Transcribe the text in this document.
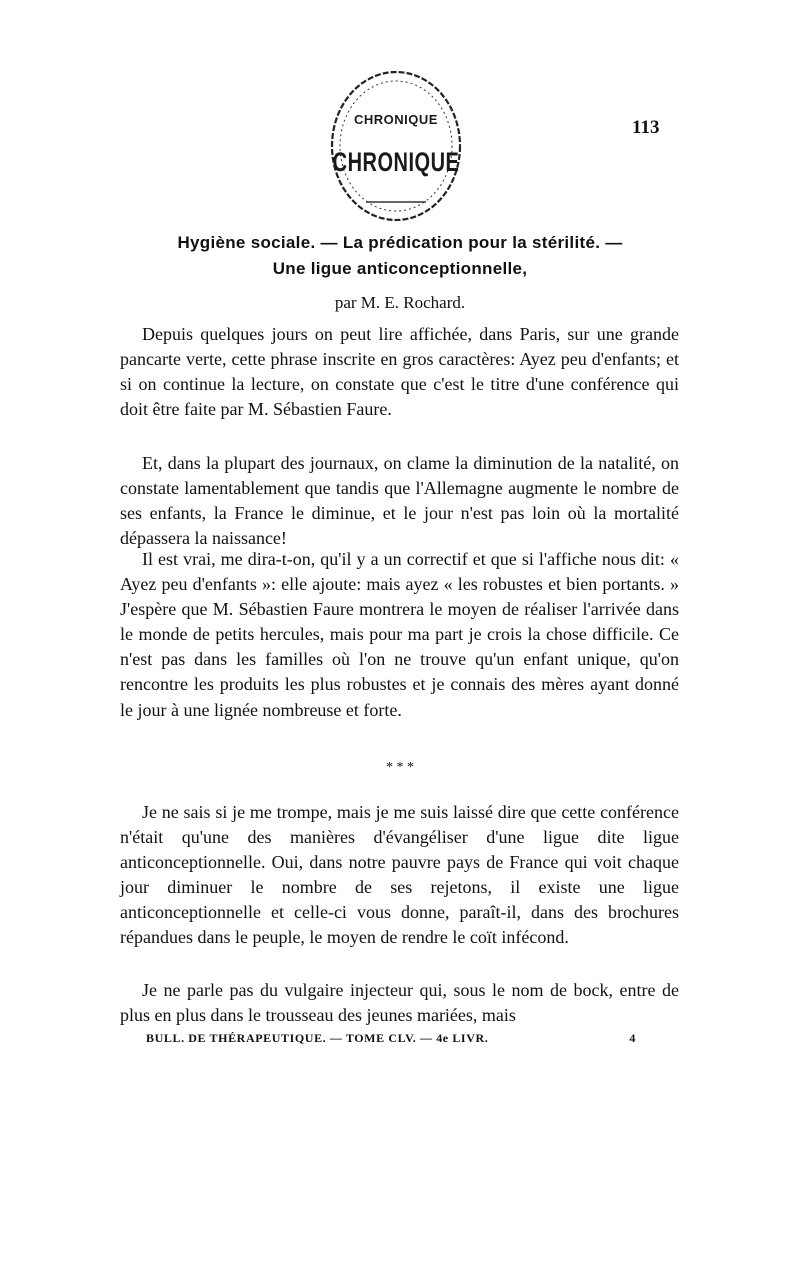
CHRONIQUE
CHRONIQUE
113
Hygiène sociale. — La prédication pour la stérilité. —
Une ligue anticonceptionnelle,
par M. E. Rochard.

Depuis quelques jours on peut lire affichée, dans Paris, sur une grande pancarte verte, cette phrase inscrite en gros caractères: Ayez peu d'enfants; et si on continue la lecture, on constate que c'est le titre d'une conférence qui doit être faite par M. Sébastien Faure.

Et, dans la plupart des journaux, on clame la diminution de la natalité, on constate lamentablement que tandis que l'Allemagne augmente le nombre de ses enfants, la France le diminue, et le jour n'est pas loin où la mortalité dépassera la naissance!

Il est vrai, me dira-t-on, qu'il y a un correctif et que si l'affiche nous dit: « Ayez peu d'enfants »: elle ajoute: mais ayez « les robustes et bien portants. » J'espère que M. Sébastien Faure montrera le moyen de réaliser l'arrivée dans le monde de petits hercules, mais pour ma part je crois la chose difficile. Ce n'est pas dans les familles où l'on ne trouve qu'un enfant unique, qu'on rencontre les produits les plus robustes et je connais des mères ayant donné le jour à une lignée nombreuse et forte.

* * *

Je ne sais si je me trompe, mais je me suis laissé dire que cette conférence n'était qu'une des manières d'évangéliser d'une ligue dite ligue anticonceptionnelle. Oui, dans notre pauvre pays de France qui voit chaque jour diminuer le nombre de ses rejetons, il existe une ligue anticonceptionnelle et celle-ci vous donne, paraît-il, dans des brochures répandues dans le peuple, le moyen de rendre le coït infécond.

Je ne parle pas du vulgaire injecteur qui, sous le nom de bock, entre de plus en plus dans le trousseau des jeunes mariées, mais

BULL. DE THÉRAPEUTIQUE. — TOME CLV. — 4e LIVR.	4
